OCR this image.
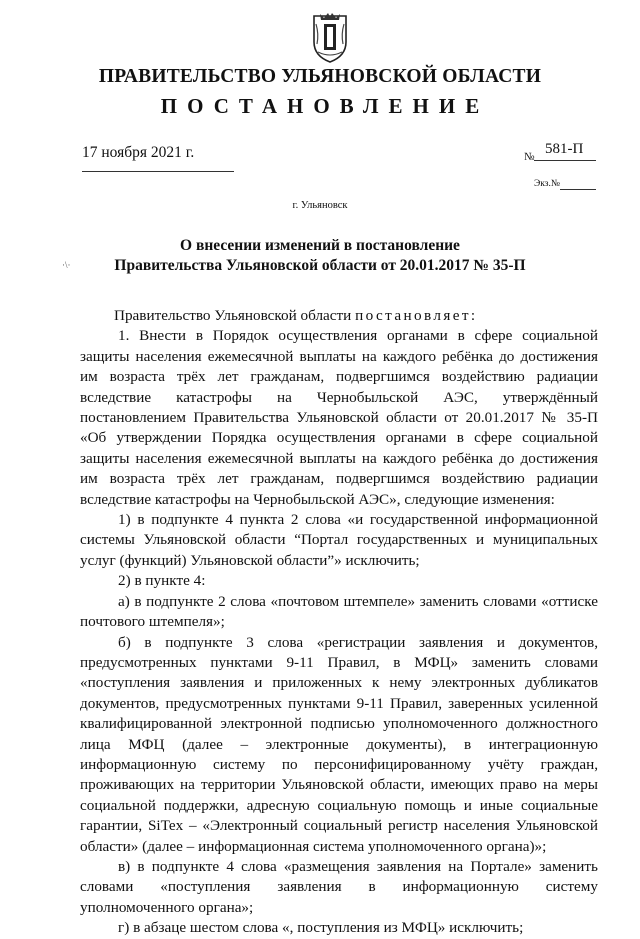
ПРАВИТЕЛЬСТВО УЛЬЯНОВСКОЙ ОБЛАСТИ
ПОСТАНОВЛЕНИЕ
17 ноября 2021 г.	№ 581-П
Экз.№
г. Ульяновск
·\·
О внесении изменений в постановление
Правительства Ульяновской области от 20.01.2017 № 35-П

Правительство Ульяновской области постановляет:

1. Внести в Порядок осуществления органами в сфере социальной защиты населения ежемесячной выплаты на каждого ребёнка до достижения им возраста трёх лет гражданам, подвергшимся воздействию радиации вследствие катастрофы на Чернобыльской АЭС, утверждённый постановлением Правительства Ульяновской области от 20.01.2017 № 35-П «Об утверждении Порядка осуществления органами в сфере социальной защиты населения ежемесячной выплаты на каждого ребёнка до достижения им возраста трёх лет гражданам, подвергшимся воздействию радиации вследствие катастрофы на Чернобыльской АЭС», следующие изменения:

1) в подпункте 4 пункта 2 слова «и государственной информационной системы Ульяновской области “Портал государственных и муниципальных услуг (функций) Ульяновской области”» исключить;

2) в пункте 4:

а) в подпункте 2 слова «почтовом штемпеле» заменить словами «оттиске почтового штемпеля»;

б) в подпункте 3 слова «регистрации заявления и документов, предусмотренных пунктами 9-11 Правил, в МФЦ» заменить словами «поступления заявления и приложенных к нему электронных дубликатов документов, предусмотренных пунктами 9-11 Правил, заверенных усиленной квалифицированной электронной подписью уполномоченного должностного лица МФЦ (далее – электронные документы), в интеграционную информационную систему по персонифицированному учёту граждан, проживающих на территории Ульяновской области, имеющих право на меры социальной поддержки, адресную социальную помощь и иные социальные гарантии, SiTex – «Электронный социальный регистр населения Ульяновской области» (далее – информационная система уполномоченного органа)»;

в) в подпункте 4 слова «размещения заявления на Портале» заменить словами «поступления заявления в информационную систему уполномоченного органа»;

г) в абзаце шестом слова «, поступления из МФЦ» исключить;
